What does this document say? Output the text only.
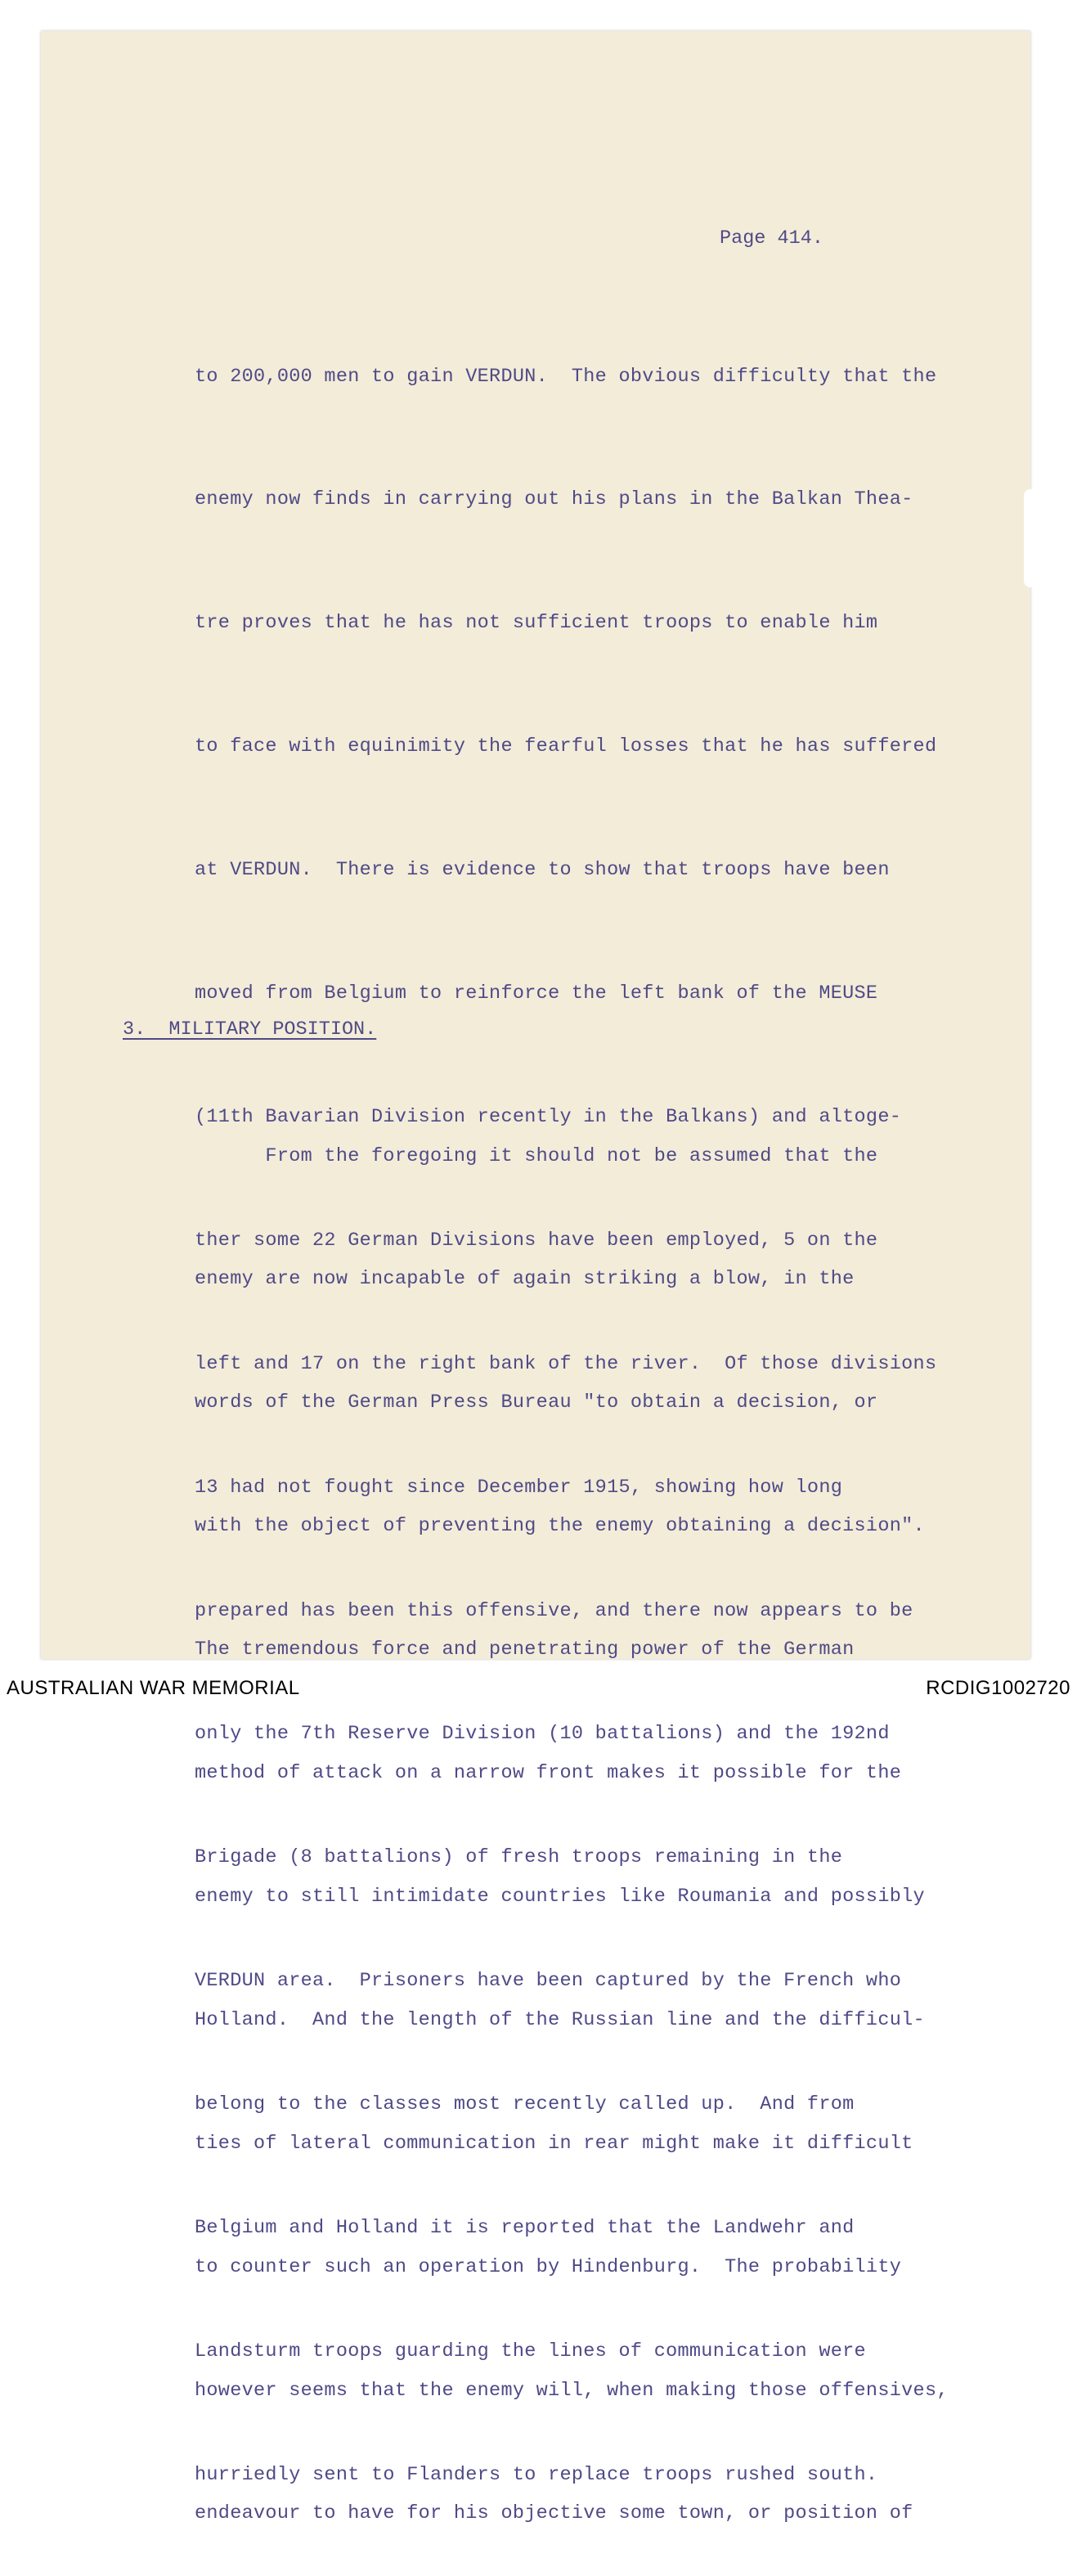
Page 414.

to 200,000 men to gain VERDUN.  The obvious difficulty that the

enemy now finds in carrying out his plans in the Balkan Thea-

tre proves that he has not sufficient troops to enable him

to face with equinimity the fearful losses that he has suffered

at VERDUN.  There is evidence to show that troops have been

moved from Belgium to reinforce the left bank of the MEUSE

(11th Bavarian Division recently in the Balkans) and altoge-

ther some 22 German Divisions have been employed, 5 on the

left and 17 on the right bank of the river.  Of those divisions

13 had not fought since December 1915, showing how long

prepared has been this offensive, and there now appears to be

only the 7th Reserve Division (10 battalions) and the 192nd

Brigade (8 battalions) of fresh troops remaining in the

VERDUN area.  Prisoners have been captured by the French who

belong to the classes most recently called up.  And from

Belgium and Holland it is reported that the Landwehr and

Landsturm troops guarding the lines of communication were

hurriedly sent to Flanders to replace troops rushed south.

3.  MILITARY POSITION.

From the foregoing it should not be assumed that the

enemy are now incapable of again striking a blow, in the

words of the German Press Bureau "to obtain a decision, or

with the object of preventing the enemy obtaining a decision".

The tremendous force and penetrating power of the German

method of attack on a narrow front makes it possible for the

enemy to still intimidate countries like Roumania and possibly

Holland.  And the length of the Russian line and the difficul-

ties of lateral communication in rear might make it difficult

to counter such an operation by Hindenburg.  The probability

however seems that the enemy will, when making those offensives,

endeavour to have for his objective some town, or position of

AUSTRALIAN WAR MEMORIAL	RCDIG1002720
